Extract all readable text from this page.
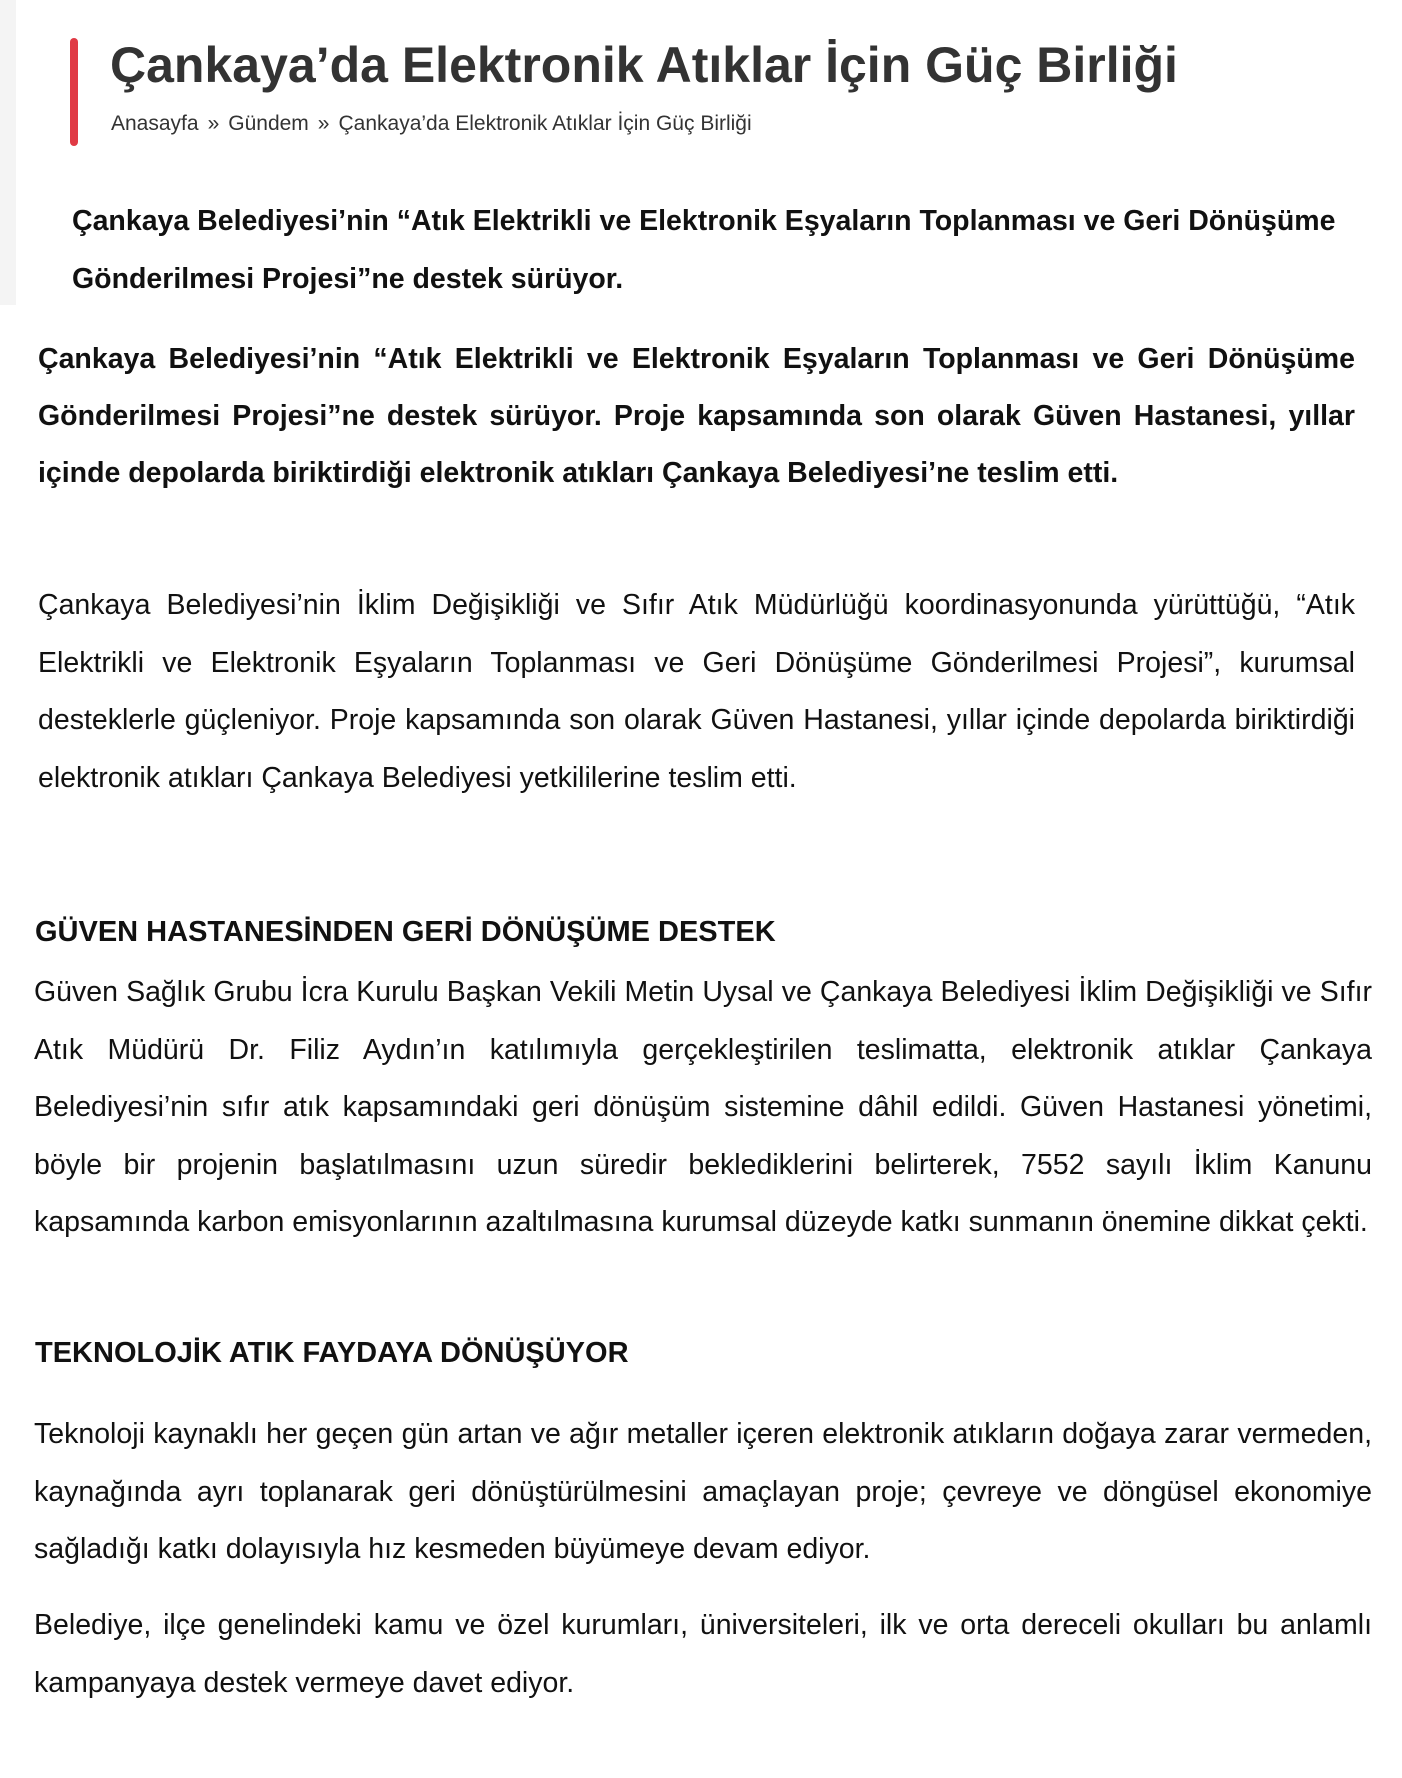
Çankaya’da Elektronik Atıklar İçin Güç Birliği
Anasayfa » Gündem » Çankaya’da Elektronik Atıklar İçin Güç Birliği

Çankaya Belediyesi’nin “Atık Elektrikli ve Elektronik Eşyaların Toplanması ve Geri Dönüşüme Gönderilmesi Projesi”ne destek sürüyor.

Çankaya Belediyesi’nin “Atık Elektrikli ve Elektronik Eşyaların Toplanması ve Geri Dönüşüme Gönderilmesi Projesi”ne destek sürüyor. Proje kapsamında son olarak Güven Hastanesi, yıllar içinde depolarda biriktirdiği elektronik atıkları Çankaya Belediyesi’ne teslim etti.

Çankaya Belediyesi’nin İklim Değişikliği ve Sıfır Atık Müdürlüğü koordinasyonunda yürüttüğü, “Atık Elektrikli ve Elektronik Eşyaların Toplanması ve Geri Dönüşüme Gönderilmesi Projesi”, kurumsal desteklerle güçleniyor. Proje kapsamında son olarak Güven Hastanesi, yıllar içinde depolarda biriktirdiği elektronik atıkları Çankaya Belediyesi yetkililerine teslim etti.

GÜVEN HASTANESİNDEN GERİ DÖNÜŞÜME DESTEK

Güven Sağlık Grubu İcra Kurulu Başkan Vekili Metin Uysal ve Çankaya Belediyesi İklim Değişikliği ve Sıfır Atık Müdürü Dr. Filiz Aydın’ın katılımıyla gerçekleştirilen teslimatta, elektronik atıklar Çankaya Belediyesi’nin sıfır atık kapsamındaki geri dönüşüm sistemine dâhil edildi. Güven Hastanesi yönetimi, böyle bir projenin başlatılmasını uzun süredir beklediklerini belirterek, 7552 sayılı İklim Kanunu kapsamında karbon emisyonlarının azaltılmasına kurumsal düzeyde katkı sunmanın önemine dikkat çekti.

TEKNOLOJİK ATIK FAYDAYA DÖNÜŞÜYOR

Teknoloji kaynaklı her geçen gün artan ve ağır metaller içeren elektronik atıkların doğaya zarar vermeden, kaynağında ayrı toplanarak geri dönüştürülmesini amaçlayan proje; çevreye ve döngüsel ekonomiye sağladığı katkı dolayısıyla hız kesmeden büyümeye devam ediyor.

Belediye, ilçe genelindeki kamu ve özel kurumları, üniversiteleri, ilk ve orta dereceli okulları bu anlamlı kampanyaya destek vermeye davet ediyor.
